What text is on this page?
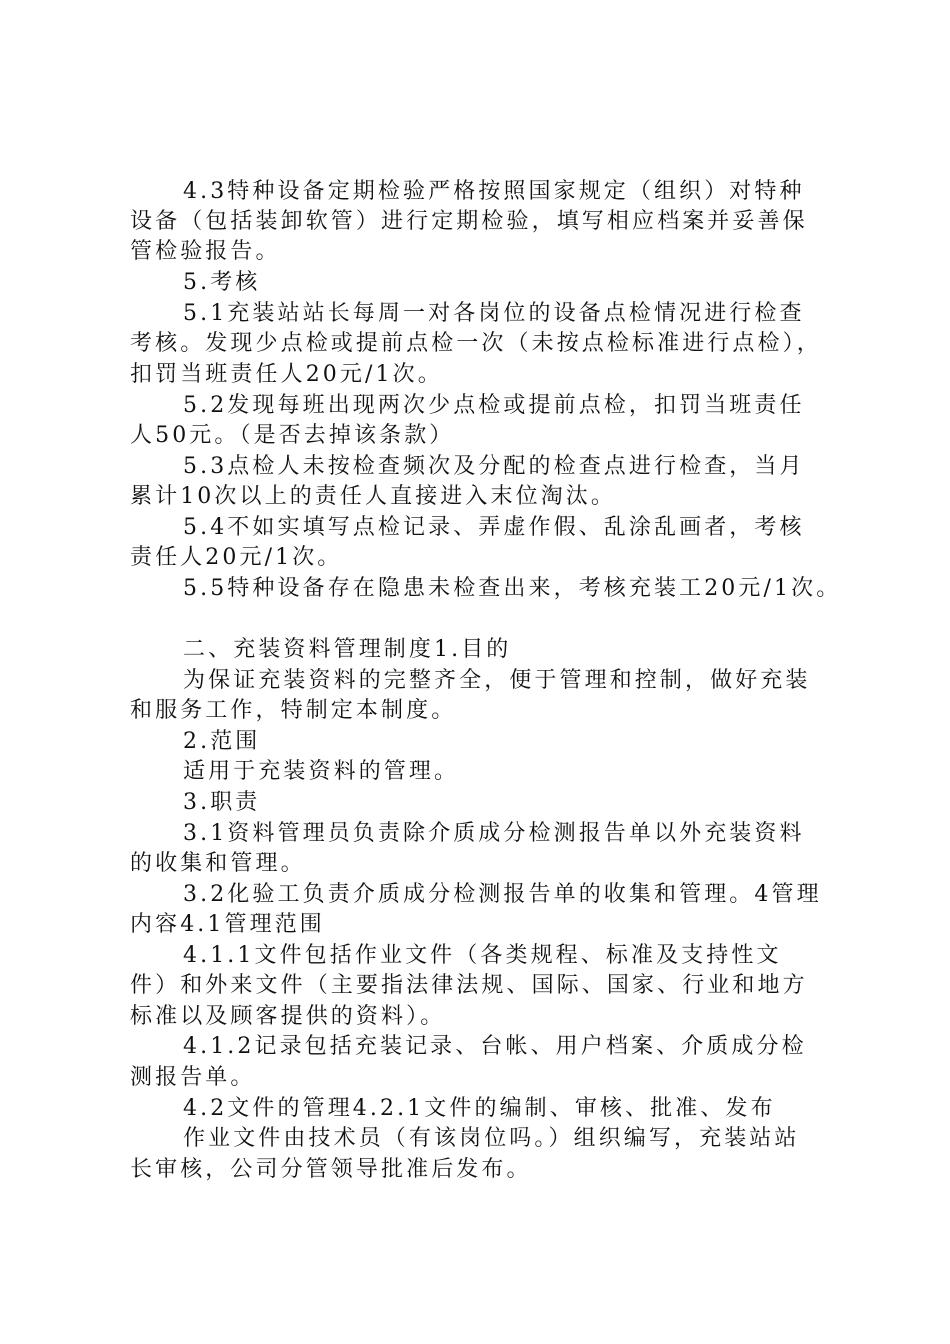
4.3特种设备定期检验严格按照国家规定（组织）对特种
设备（包括装卸软管）进行定期检验，填写相应档案并妥善保
管检验报告。
5.考核
5.1充装站站长每周一对各岗位的设备点检情况进行检查
考核。发现少点检或提前点检一次（未按点检标准进行点检），
扣罚当班责任人20元/1次。
5.2发现每班出现两次少点检或提前点检，扣罚当班责任
人50元。（是否去掉该条款）
5.3点检人未按检查频次及分配的检查点进行检查，当月
累计10次以上的责任人直接进入末位淘汰。
5.4不如实填写点检记录、弄虚作假、乱涂乱画者，考核
责任人20元/1次。
5.5特种设备存在隐患未检查出来，考核充装工20元/1次。
二、充装资料管理制度1.目的
为保证充装资料的完整齐全，便于管理和控制，做好充装
和服务工作，特制定本制度。
2.范围
适用于充装资料的管理。
3.职责
3.1资料管理员负责除介质成分检测报告单以外充装资料
的收集和管理。
3.2化验工负责介质成分检测报告单的收集和管理。4管理
内容4.1管理范围
4.1.1文件包括作业文件（各类规程、标准及支持性文
件）和外来文件（主要指法律法规、国际、国家、行业和地方
标准以及顾客提供的资料）。
4.1.2记录包括充装记录、台帐、用户档案、介质成分检
测报告单。
4.2文件的管理4.2.1文件的编制、审核、批准、发布
作业文件由技术员（有该岗位吗。）组织编写，充装站站
长审核，公司分管领导批准后发布。
